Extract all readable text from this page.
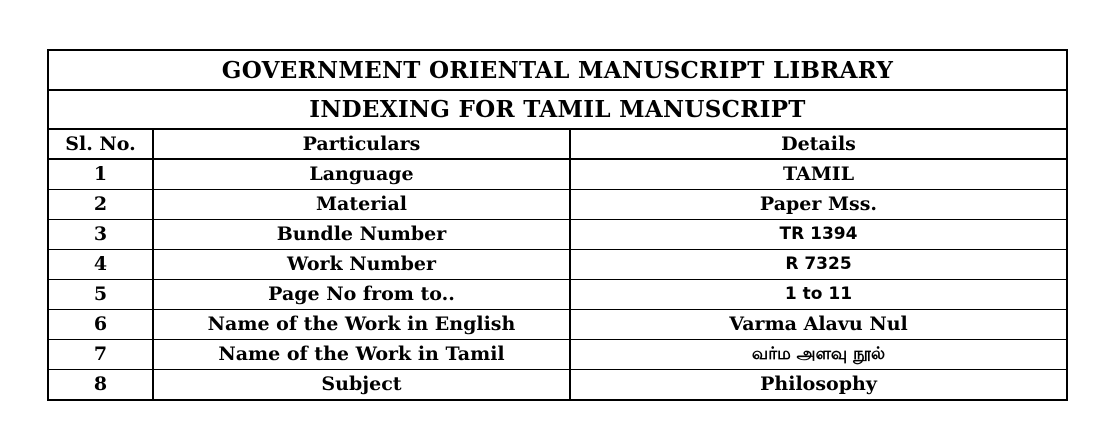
GOVERNMENT ORIENTAL MANUSCRIPT LIBRARY
INDEXING FOR TAMIL MANUSCRIPT
Sl. No.	Particulars	Details
1	Language	TAMIL
2	Material	Paper Mss.
3	Bundle Number	TR 1394
4	Work Number	R 7325
5	Page No from to..	1 to 11
6	Name of the Work in English	Varma Alavu Nul
7	Name of the Work in Tamil	வர்ம அளவு நூல்
8	Subject	Philosophy
